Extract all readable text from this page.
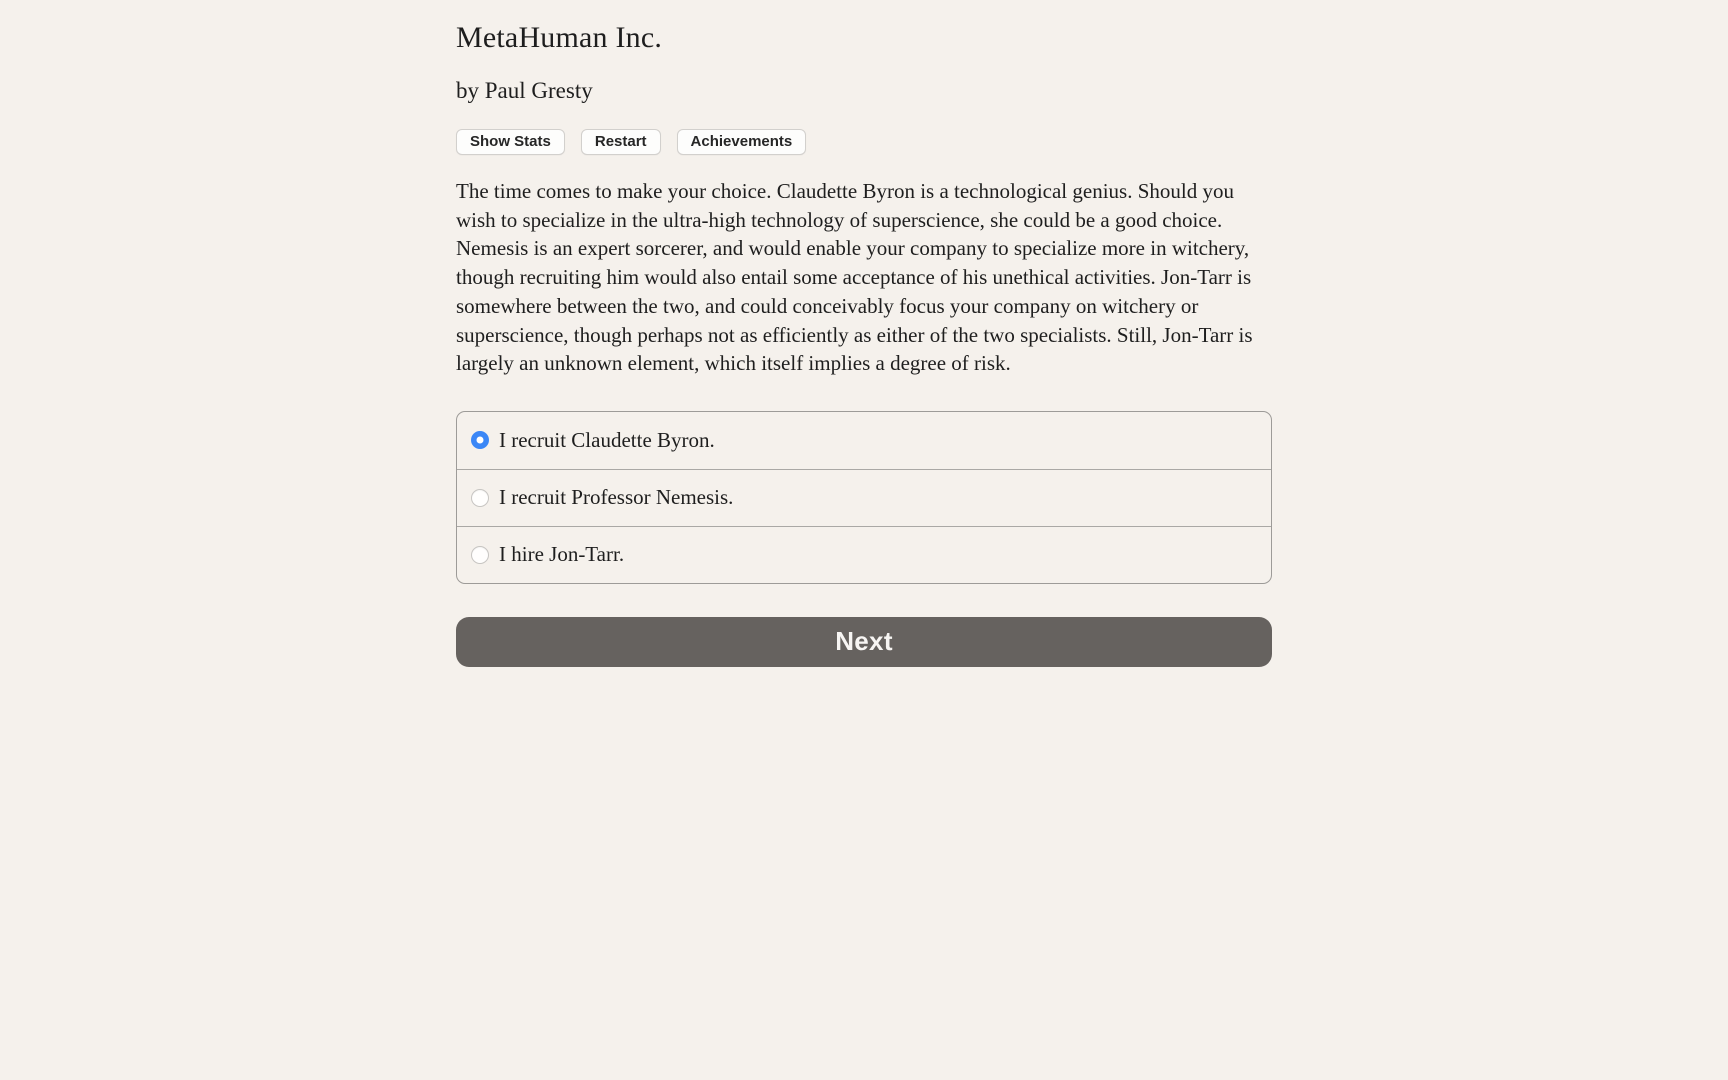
MetaHuman Inc.

by Paul Gresty

Show Stats	Restart	Achievements

The time comes to make your choice. Claudette Byron is a technological genius. Should you wish to specialize in the ultra-high technology of superscience, she could be a good choice. Nemesis is an expert sorcerer, and would enable your company to specialize more in witchery, though recruiting him would also entail some acceptance of his unethical activities. Jon-Tarr is somewhere between the two, and could conceivably focus your company on witchery or superscience, though perhaps not as efficiently as either of the two specialists. Still, Jon-Tarr is largely an unknown element, which itself implies a degree of risk.

I recruit Claudette Byron.
I recruit Professor Nemesis.
I hire Jon-Tarr.
Next
